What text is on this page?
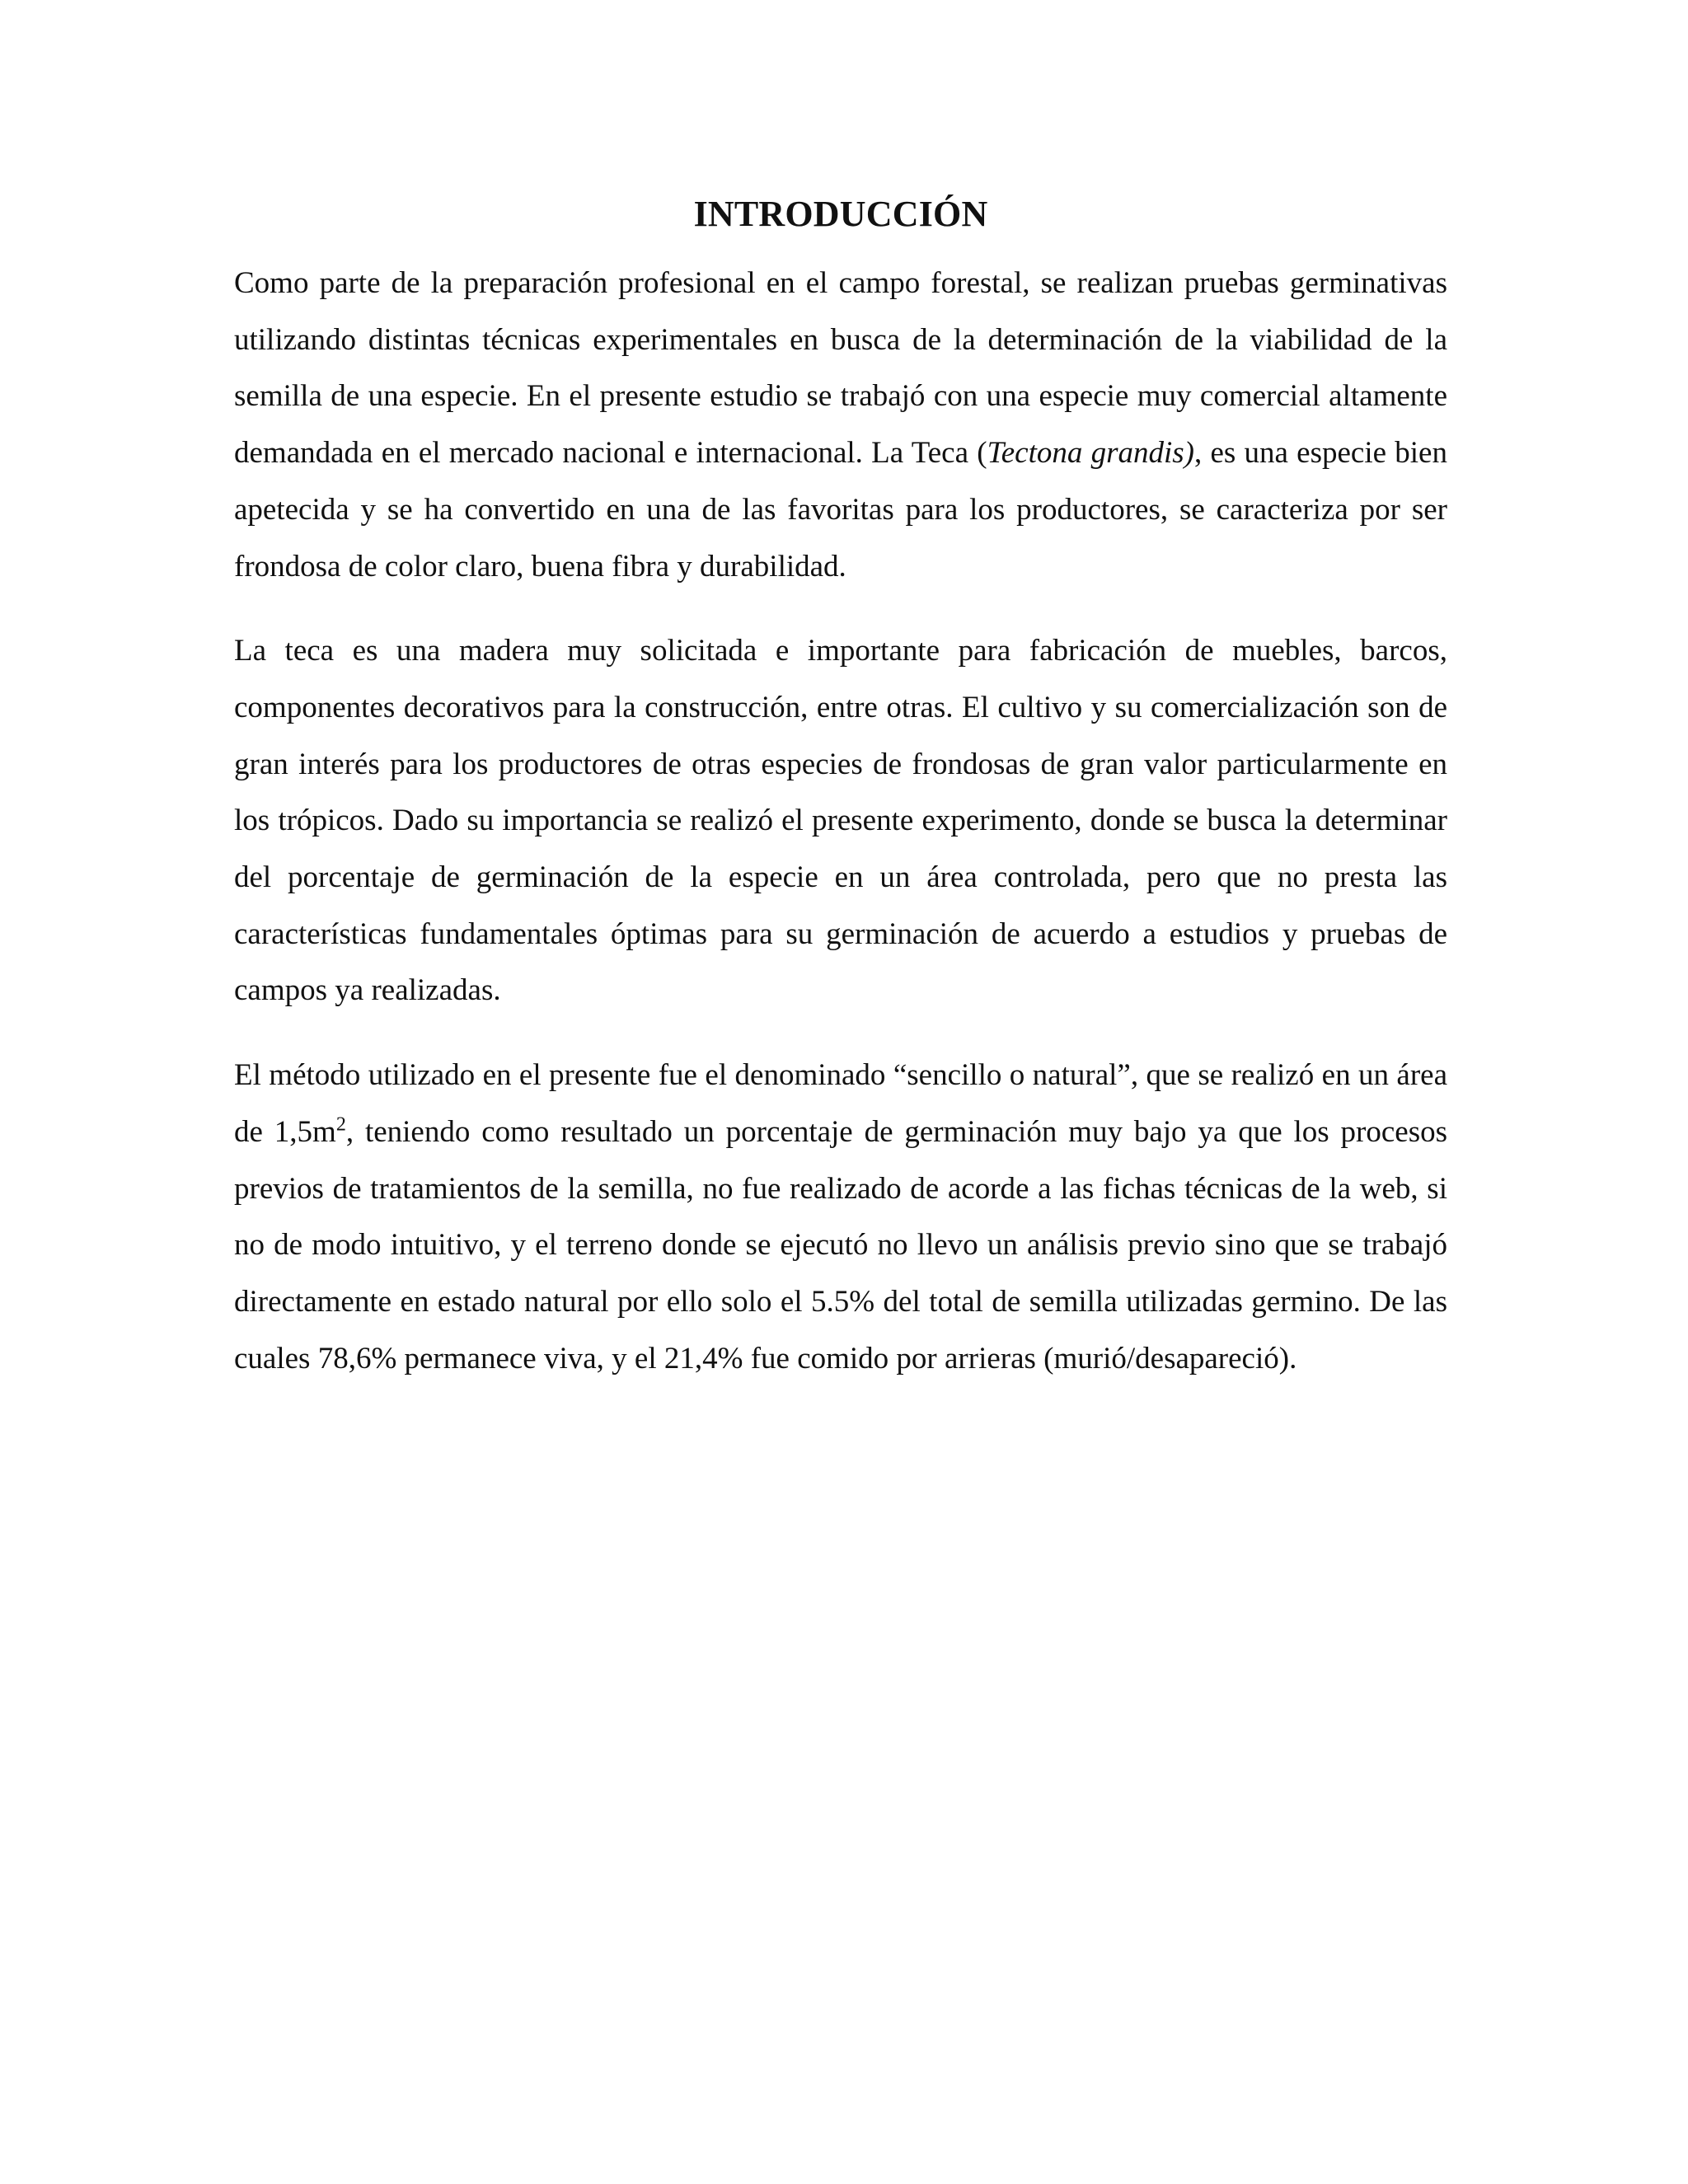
INTRODUCCIÓN

Como parte de la preparación profesional en el campo forestal, se realizan pruebas germinativas utilizando distintas técnicas experimentales en busca de la determinación de la viabilidad de la semilla de una especie. En el presente estudio se trabajó con una especie muy comercial altamente demandada en el mercado nacional e internacional. La Teca (Tectona grandis), es una especie bien apetecida y se ha convertido en una de las favoritas para los productores, se caracteriza por ser frondosa de color claro, buena fibra y durabilidad.

La teca es una madera muy solicitada e importante para fabricación de muebles, barcos, componentes decorativos para la construcción, entre otras. El cultivo y su comercialización son de gran interés para los productores de otras especies de frondosas de gran valor particularmente en los trópicos. Dado su importancia se realizó el presente experimento, donde se busca la determinar del porcentaje de germinación de la especie en un área controlada, pero que no presta las características fundamentales óptimas para su germinación de acuerdo a estudios y pruebas de campos ya realizadas.

El método utilizado en el presente fue el denominado “sencillo o natural”, que se realizó en un área de $1,5m^2$, teniendo como resultado un porcentaje de germinación muy bajo ya que los procesos previos de tratamientos de la semilla, no fue realizado de acorde a las fichas técnicas de la web, si no de modo intuitivo, y el terreno donde se ejecutó no llevo un análisis previo sino que se trabajó directamente en estado natural por ello solo el 5.5% del total de semilla utilizadas germino. De las cuales 78,6% permanece viva, y el 21,4% fue comido por arrieras (murió/desapareció).
